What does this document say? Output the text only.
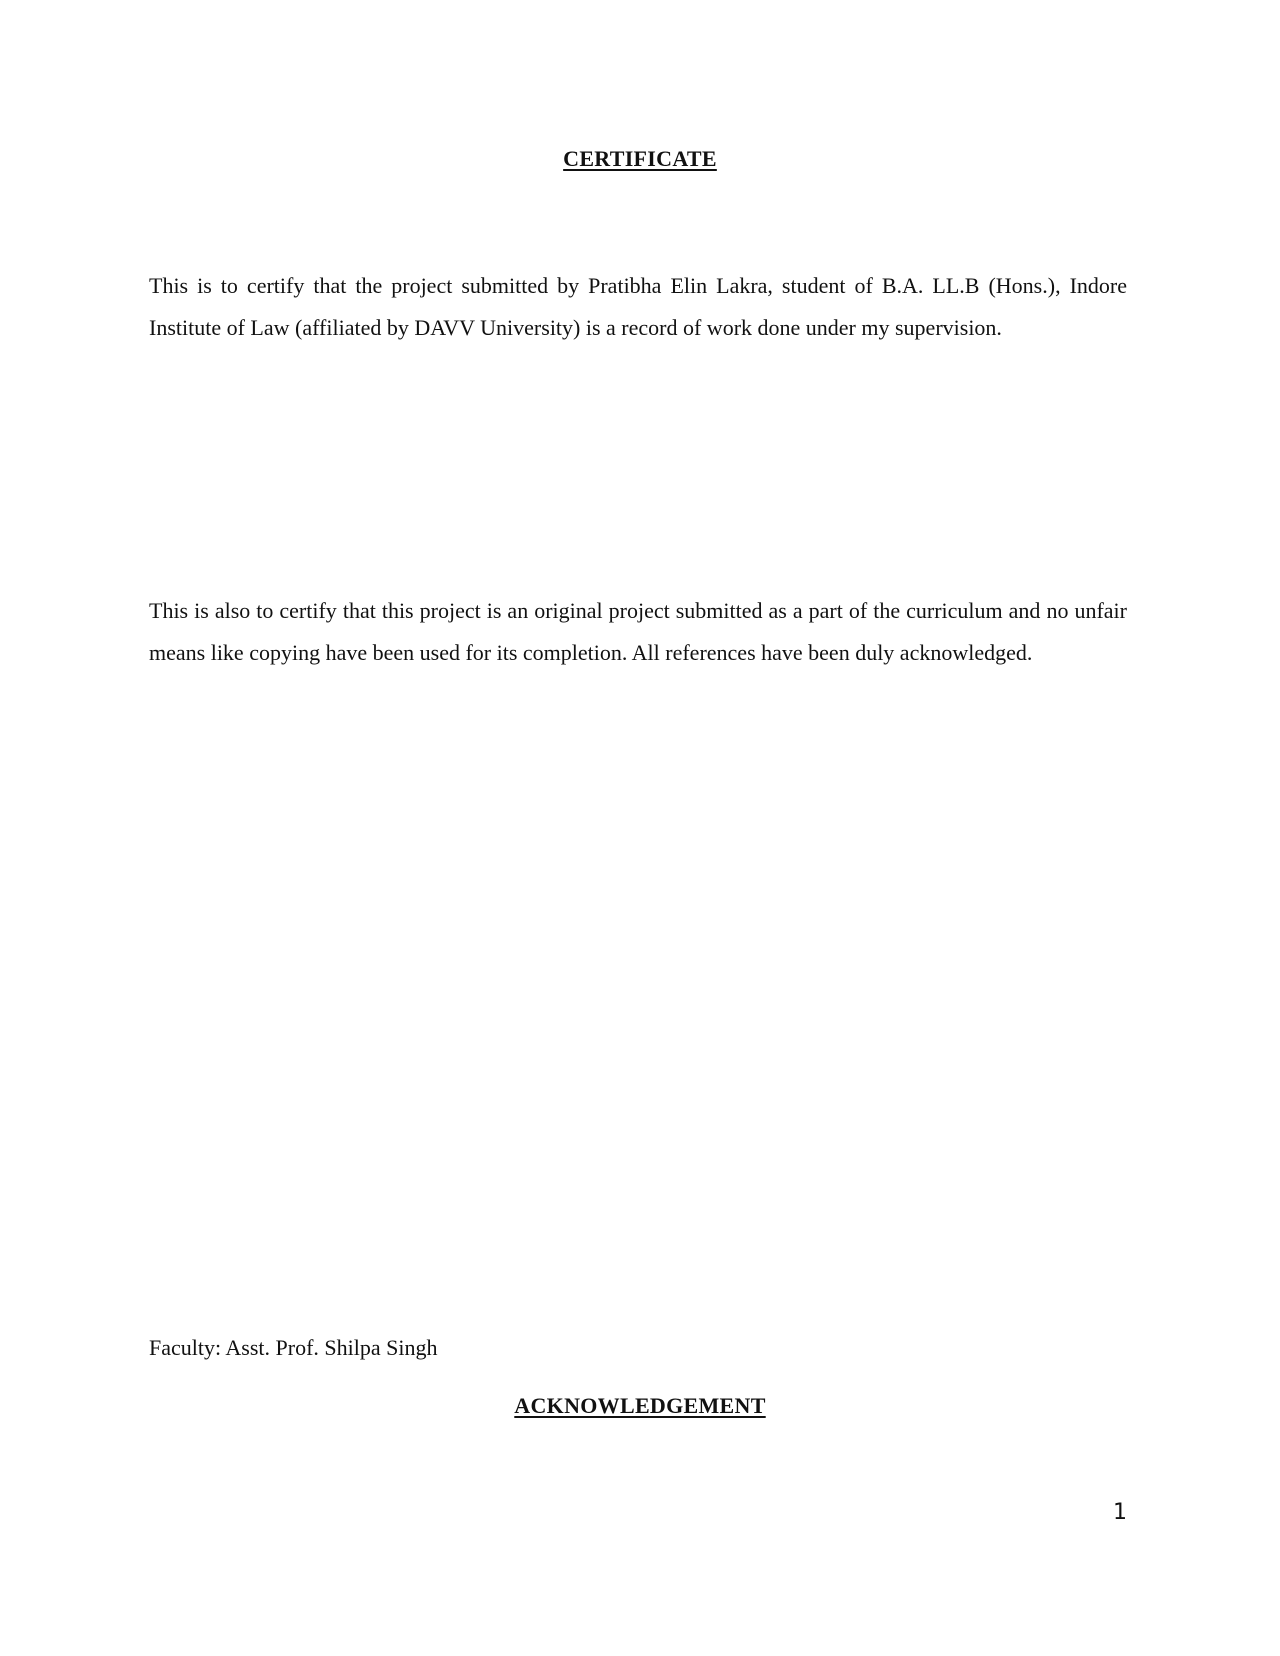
CERTIFICATE

This is to certify that the project submitted by Pratibha Elin Lakra, student of B.A. LL.B (Hons.), Indore Institute of Law (affiliated by DAVV University) is a record of work done under my supervision.

This is also to certify that this project is an original project submitted as a part of the curriculum and no unfair means like copying have been used for its completion. All references have been duly acknowledged.

Faculty: Asst. Prof. Shilpa Singh

ACKNOWLEDGEMENT

1
